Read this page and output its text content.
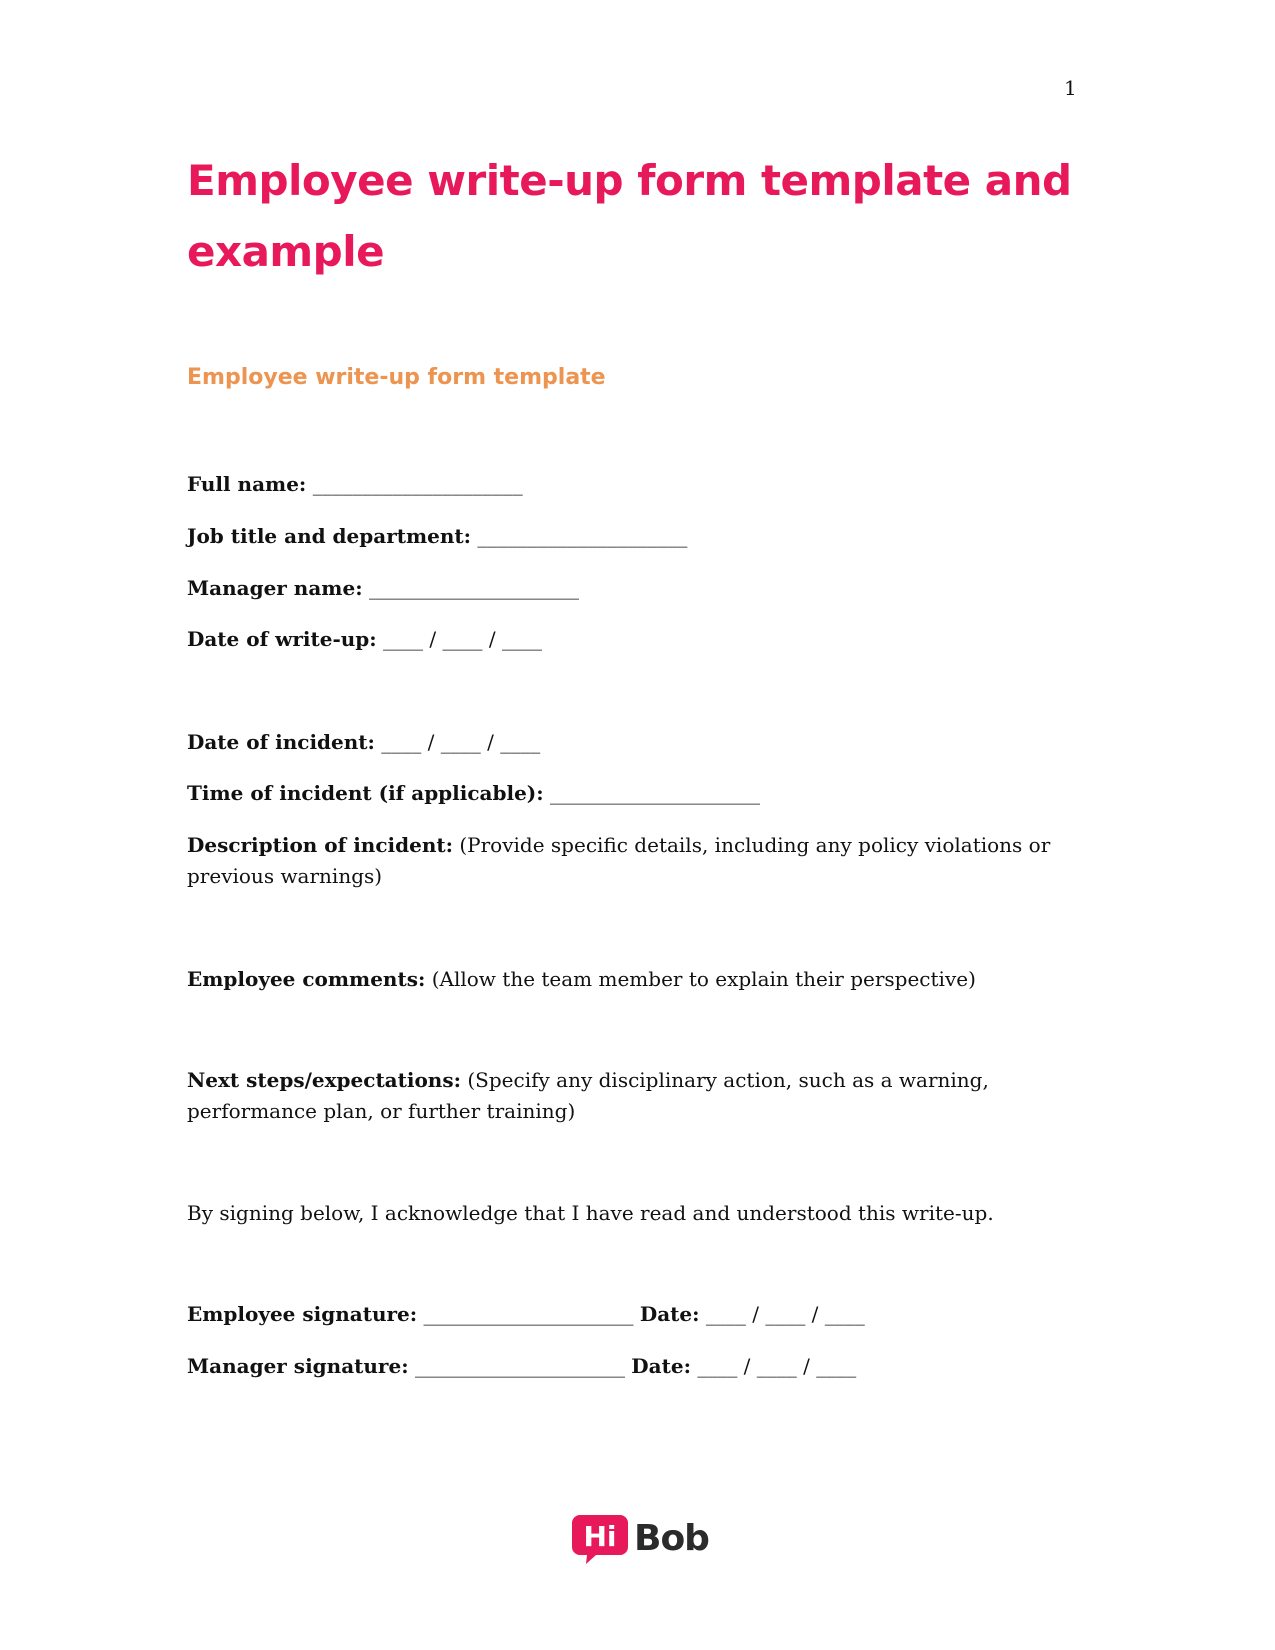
1
Employee write-up form template and example
Employee write-up form template
Full name: _____________________
Job title and department: _____________________
Manager name: _____________________
Date of write-up: ____ / ____ / ____
Date of incident: ____ / ____ / ____
Time of incident (if applicable): _____________________
Description of incident: (Provide specific details, including any policy violations or previous warnings)
Employee comments: (Allow the team member to explain their perspective)
Next steps/expectations: (Specify any disciplinary action, such as a warning, performance plan, or further training)
By signing below, I acknowledge that I have read and understood this write-up.
Employee signature: _____________________ Date: ____ / ____ / ____
Manager signature: _____________________ Date: ____ / ____ / ____
Hi Bob
